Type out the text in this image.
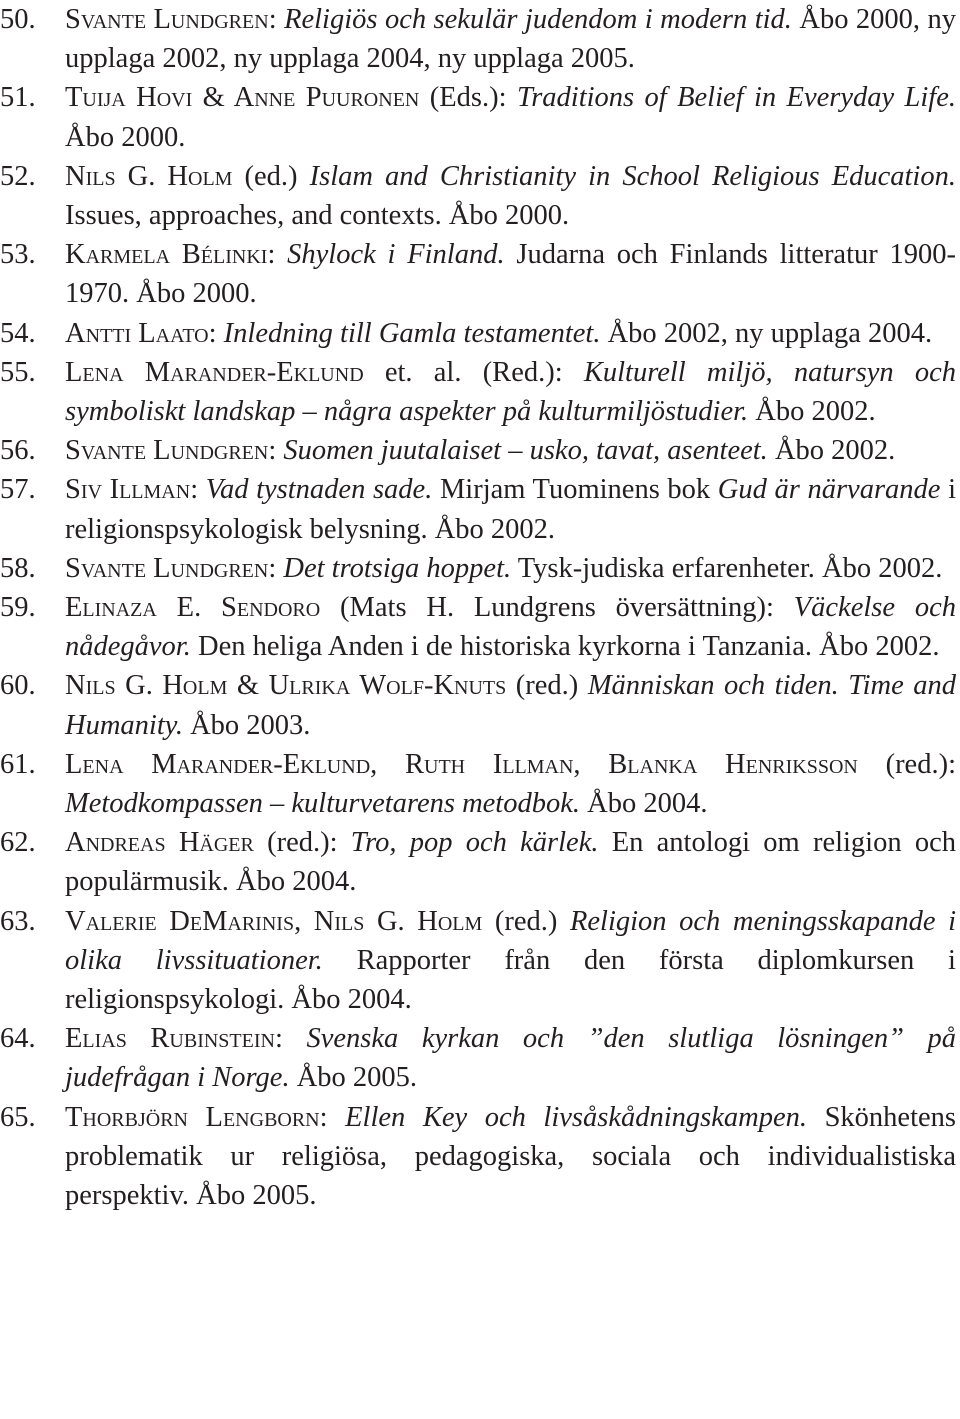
50. Svante Lundgren: Religiös och sekulär judendom i modern tid. Åbo 2000, ny upplaga 2002, ny upplaga 2004, ny upplaga 2005.
51. Tuija Hovi & Anne Puuronen (Eds.): Traditions of Belief in Everyday Life. Åbo 2000.
52. Nils G. Holm (ed.) Islam and Christianity in School Religious Education. Issues, approaches, and contexts. Åbo 2000.
53. Karmela Bélinki: Shylock i Finland. Judarna och Finlands litteratur 1900-1970. Åbo 2000.
54. Antti Laato: Inledning till Gamla testamentet. Åbo 2002, ny upplaga 2004.
55. Lena Marander-Eklund et. al. (Red.): Kulturell miljö, natursyn och symboliskt landskap – några aspekter på kulturmiljöstudier. Åbo 2002.
56. Svante Lundgren: Suomen juutalaiset – usko, tavat, asenteet. Åbo 2002.
57. Siv Illman: Vad tystnaden sade. Mirjam Tuominens bok Gud är närvarande i religionspsykologisk belysning. Åbo 2002.
58. Svante Lundgren: Det trotsiga hoppet. Tysk-judiska erfarenheter. Åbo 2002.
59. Elinaza E. Sendoro (Mats H. Lundgrens översättning): Väckelse och nådegåvor. Den heliga Anden i de historiska kyrkorna i Tanzania. Åbo 2002.
60. Nils G. Holm & Ulrika Wolf-Knuts (red.) Människan och tiden. Time and Humanity. Åbo 2003.
61. Lena Marander-Eklund, Ruth Illman, Blanka Henriksson (red.): Metodkompassen – kulturvetarens metodbok. Åbo 2004.
62. Andreas Häger (red.): Tro, pop och kärlek. En antologi om religion och populärmusik. Åbo 2004.
63. Valerie DeMarinis, Nils G. Holm (red.) Religion och meningsskapande i olika livssituationer. Rapporter från den första diplomkursen i religionspsykologi. Åbo 2004.
64. Elias Rubinstein: Svenska kyrkan och ”den slutliga lösningen” på judefrågan i Norge. Åbo 2005.
65. Thorbjörn Lengborn: Ellen Key och livsåskådningskampen. Skönhetens problematik ur religiösa, pedagogiska, sociala och individualistiska perspektiv. Åbo 2005.
